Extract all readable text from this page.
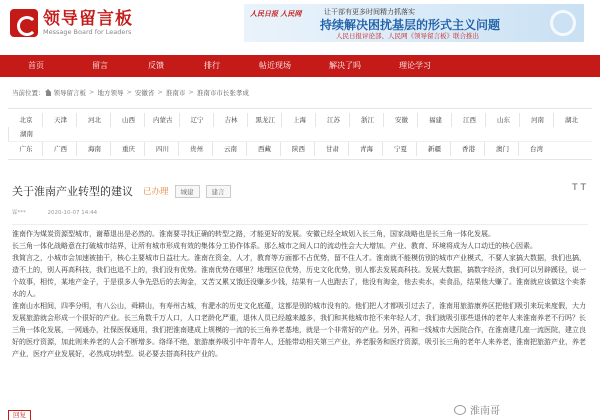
领导留言板
Message Board for Leaders
人民日报 人民网	让干部有更多时间精力抓落实
持续解决困扰基层的形式主义问题
人民日报评论部、人民网《领导留言板》联合推出
首页	留言	反馈	排行	帖近现场	解决了吗	理论学习
当前位置： 领导留言板 > 地方领导 > 安徽省 > 淮南市 > 淮南市市长张孝成
北京	天津	河北	山西	内蒙古	辽宁	吉林	黑龙江	上海	江苏	浙江	安徽	福建	江西	山东	河南	湖北
湖南
广东	广西	海南	重庆	四川	贵州	云南	西藏	陕西	甘肃	青海	宁夏	新疆	香港	澳门	台湾
关于淮南产业转型的建议 已办理	城建	建言	T T
霖***	2020-10-07 14:44

淮南作为煤炭资源型城市，谢幕退出是必然的。淮南要寻找正确的转型之路，才能更好的发展。安徽已经全域划入长三角，国家战略也是长三角一体化发展。

长三角一体化战略意在打破城市结界，让所有城市形成有效的集体分工协作体系。那么城市之间人口的流动性会大大增加。产业、教育、环境将成为人口动迁的核心因素。

我简言之，小城市会加速被抽干，核心主要城市日益壮大。淮南在资金，人才，教育等方面都不占优势，留不住人才。淮南就不能模仿别的城市产业模式，不要人家搞大数据，我们也搞，造不上的，别人再高科技，我们也追不上的，我们没有优势。淮南优势在哪里？地理区位优势，历史文化优势，别人都去发展高科技。发展大数据，搞数字经济，我们可以另辟蹊径，说一个故事，相传，某地产金子，于是很多人争先恐后的去淘金，又苦又累又饿还没赚多少钱，结果有一人也跑去了，他没有淘金，他去卖水，卖食品，结果他大赚了。淮南就应该做这个卖茶水的人。

淮南山水相间，四季分明，有八公山，舜耕山，有寿州古城，有淝水的历史文化底蕴，这都是别的城市没有的。他们把人才都吸引过去了，淮南用旅游康养区把他们吸引来玩来度假，大力发展旅游就会形成一个很好的产业。长三角数千万人口，人口老龄化严重，退休人员已经越来越多，我们和其他城市抢不来年轻人才，我们就吸引那些退休的老年人来淮南养老不行吗？长三角一体化发展，一网通办，社保医保通用，我们把淮南建成上规模的一流的长三角养老基地，就是一个非常好的产业。另外，再和一线城市大医院合作，在淮南建几座一流医院，建立良好的医疗资源，加此则来养老的人会不断增多。络绎不绝，旅游康养吸引中年青年人，还能带动相关第三产业，养老服务和医疗资源，吸引长三角的老年人来养老，淮南把旅游产业，养老产业，医疗产业发展好，必然成功转型。说必要去搭高科技产业的。

回复	淮南哥
